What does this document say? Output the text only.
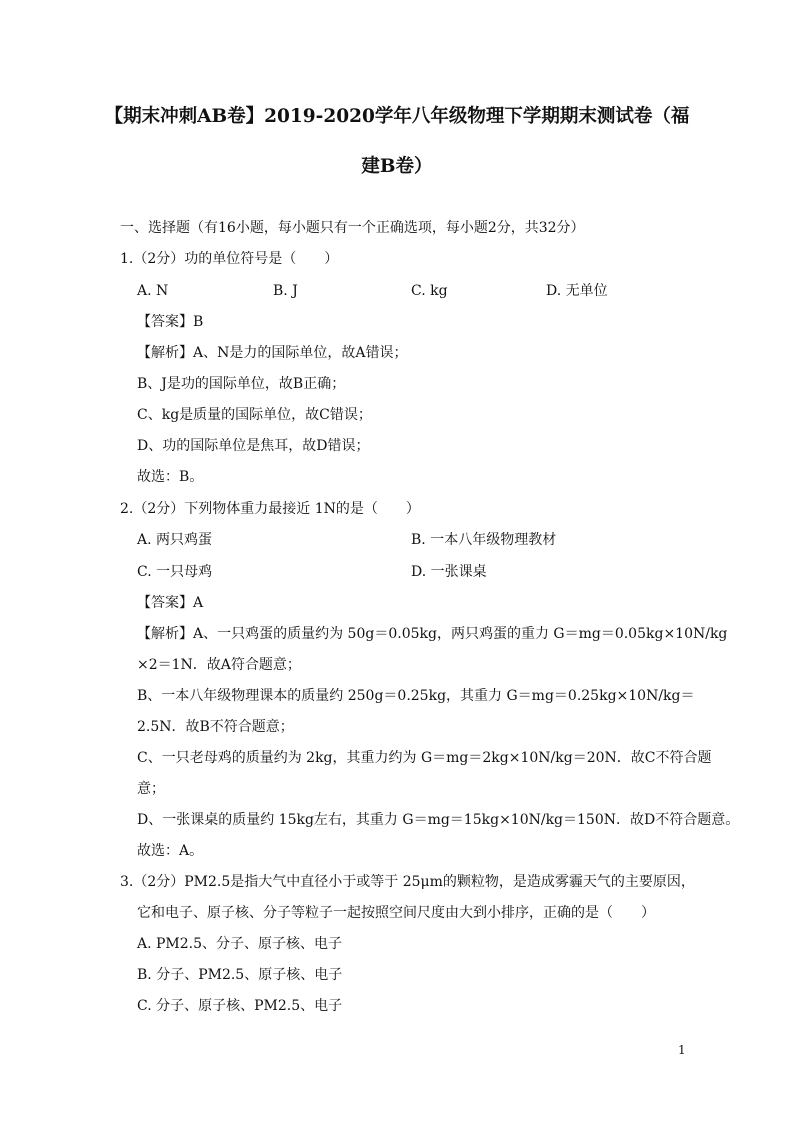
【期末冲刺AB卷】2019-2020学年八年级物理下学期期末测试卷（福
建B卷）
一、选择题（有16小题，每小题只有一个正确选项，每小题2分，共32分）
1.（2分）功的单位符号是（　　）
A. N	B. J	C. kg	D. 无单位
【答案】B
【解析】A、N是力的国际单位，故A错误；
B、J是功的国际单位，故B正确；
C、kg是质量的国际单位，故C错误；
D、功的国际单位是焦耳，故D错误；
故选：B。
2.（2分）下列物体重力最接近 1N的是（　　）
A. 两只鸡蛋	B. 一本八年级物理教材
C. 一只母鸡	D. 一张课桌
【答案】A
【解析】A、一只鸡蛋的质量约为 50g＝0.05kg，两只鸡蛋的重力 G＝mg＝0.05kg×10N/kg
×2＝1N．故A符合题意；
B、一本八年级物理课本的质量约 250g＝0.25kg，其重力 G＝mg＝0.25kg×10N/kg＝
2.5N．故B不符合题意；
C、一只老母鸡的质量约为 2kg，其重力约为 G＝mg＝2kg×10N/kg＝20N．故C不符合题
意；
D、一张课桌的质量约 15kg左右，其重力 G＝mg＝15kg×10N/kg＝150N．故D不符合题意。
故选：A。
3.（2分）PM2.5是指大气中直径小于或等于 25μm的颗粒物，是造成雾霾天气的主要原因，
它和电子、原子核、分子等粒子一起按照空间尺度由大到小排序，正确的是（　　）
A. PM2.5、分子、原子核、电子
B. 分子、PM2.5、原子核、电子
C. 分子、原子核、PM2.5、电子
1
